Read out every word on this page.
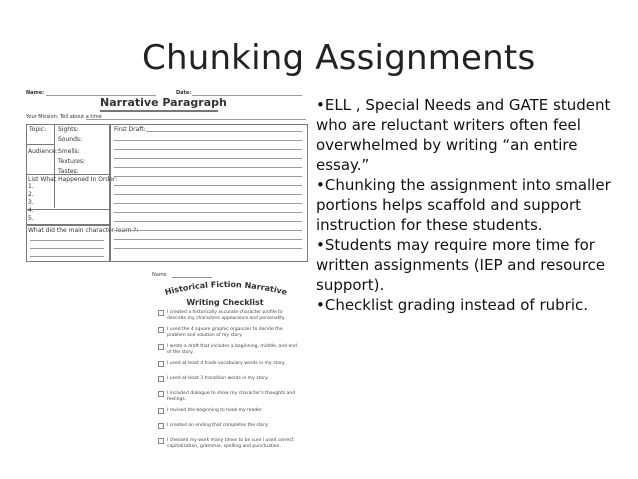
Chunking Assignments

•ELL , Special Needs and GATE student who are reluctant writers often feel overwhelmed by writing “an entire essay.”

•Chunking the assignment into smaller portions helps scaffold and support instruction for these students.

•Students may require more time for written assignments (IEP and resource support).

•Checklist grading instead of rubric.

Name:	Date:
Narrative Paragraph
Your Mission: Tell about a time
Topic: Sights:
Sounds:
Audience: Smells:
Textures:
Tastes:
List What Happened In Order:
1.
2.
3.
4.
5.
What did the main character learn ?:
First Draft:
Name
Historical Fiction Narrative
Writing Checklist
I created a historically accurate character profile to describe my characters appearance and personality.
I used the 4 square graphic organizer to decide the problem and solution of my story.
I wrote a draft that includes a beginning, middle, and end of the story.
I used at least 4 trade vocabulary words in my story.
I used at least 3 transition words in my story.
I included dialogue to show my character's thoughts and feelings.
I revised the beginning to hook my reader.
I created an ending that completes the story.
I checked my work many times to be sure I used correct capitalization, grammar, spelling and punctuation.
